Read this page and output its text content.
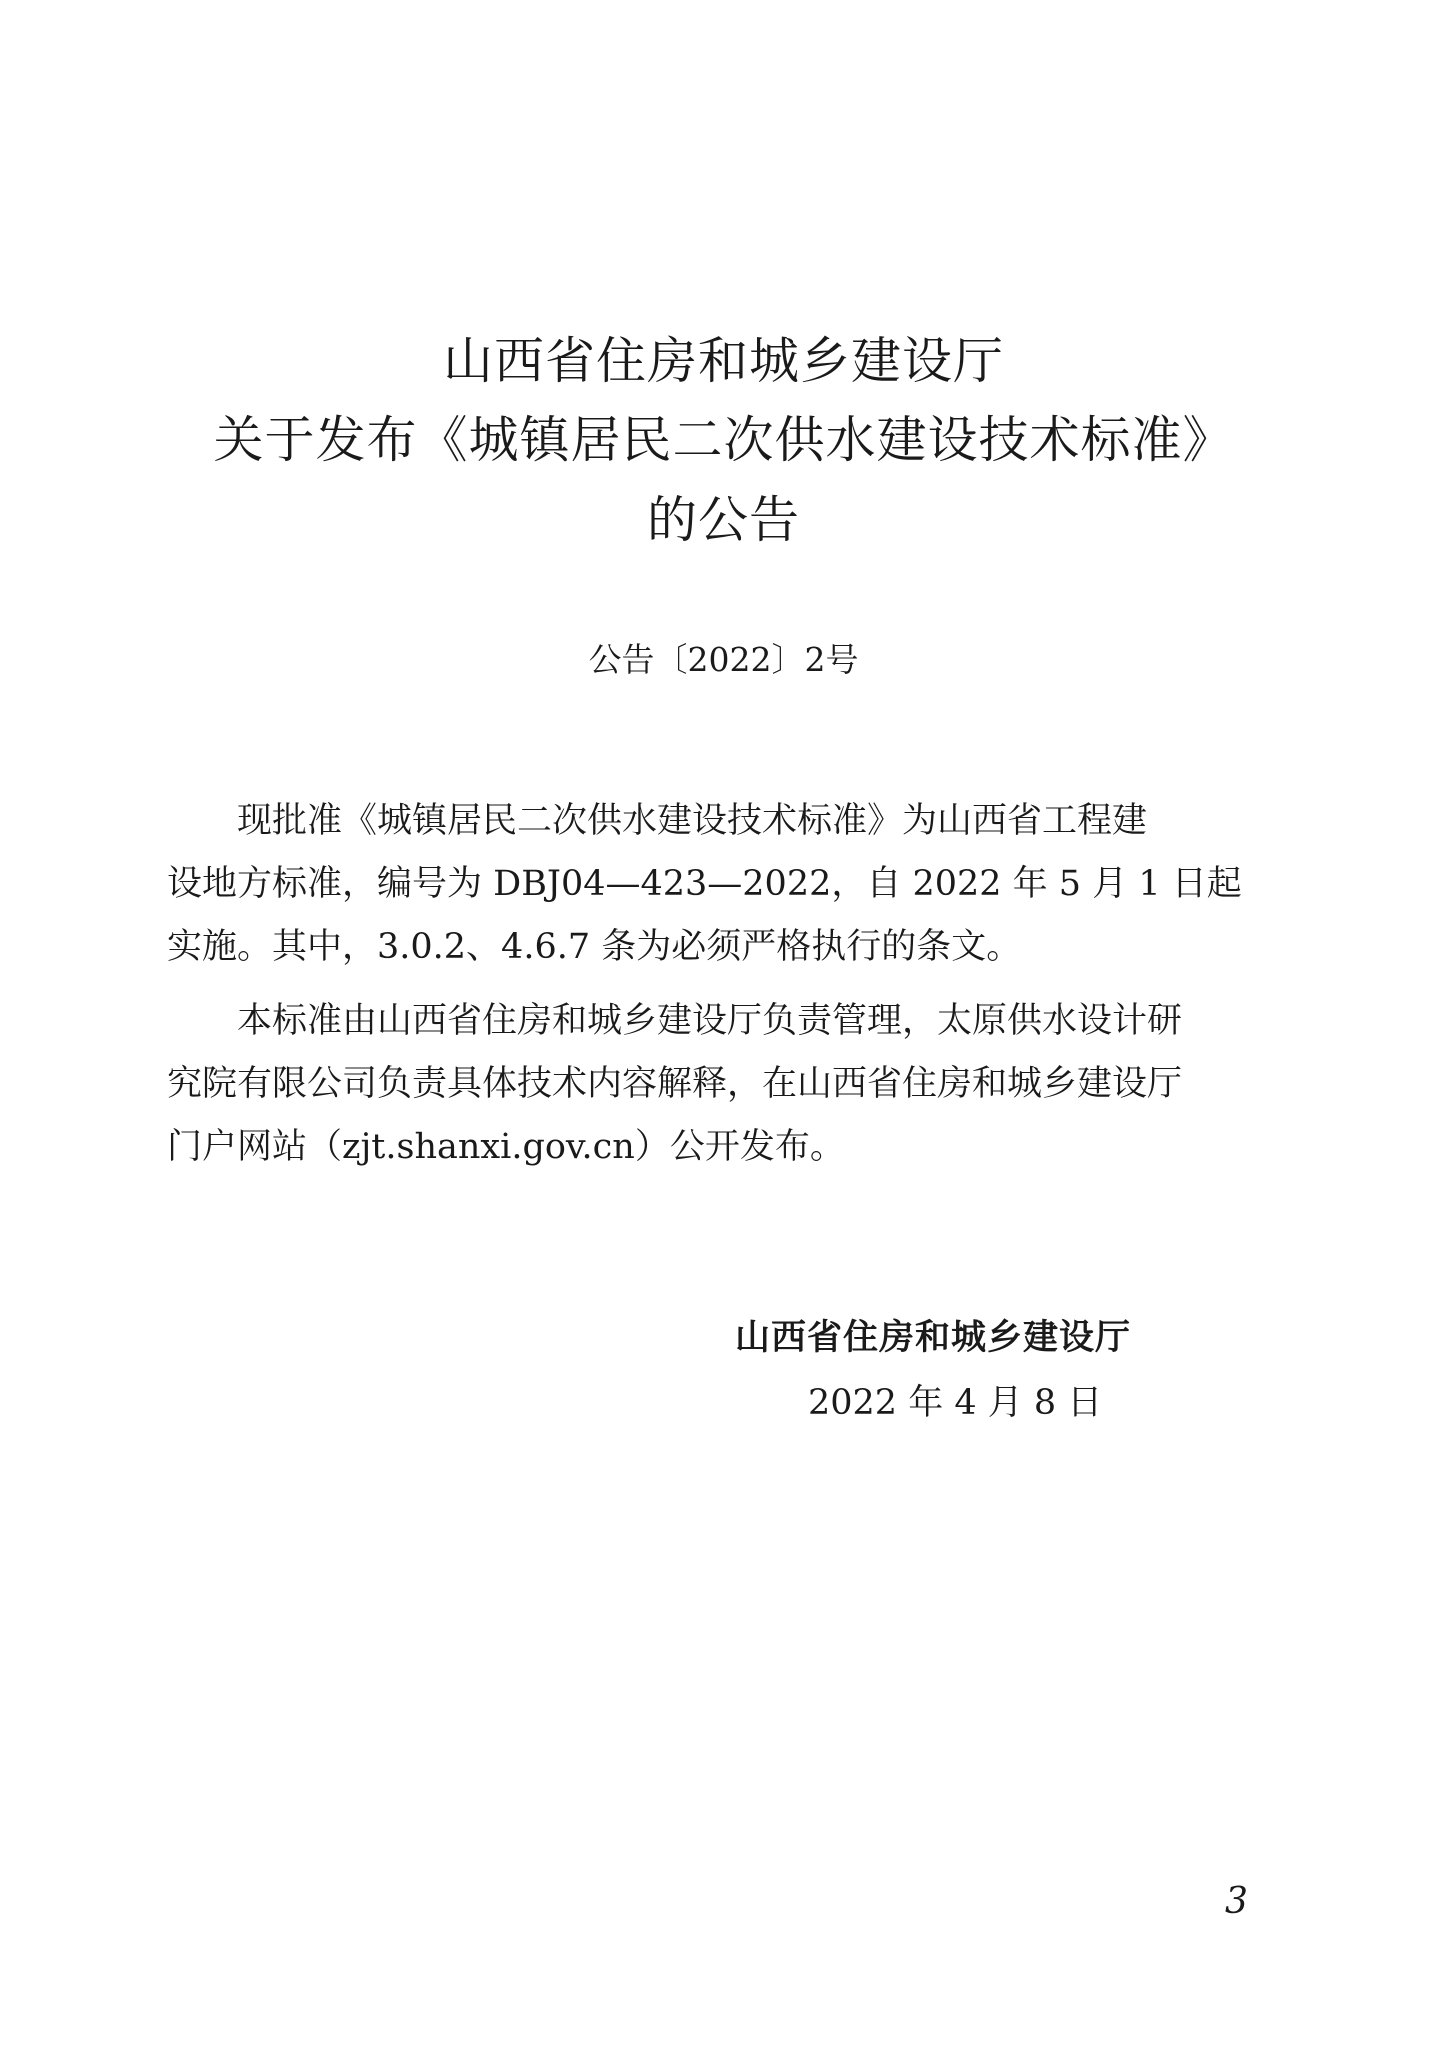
山西省住房和城乡建设厅
关于发布《城镇居民二次供水建设技术标准》
的公告
公告〔2022〕2号
现批准《城镇居民二次供水建设技术标准》为山西省工程建
设地方标准，编号为 DBJ04—423—2022，自 2022 年 5 月 1 日起
实施。其中，3.0.2、4.6.7 条为必须严格执行的条文。
本标准由山西省住房和城乡建设厅负责管理，太原供水设计研
究院有限公司负责具体技术内容解释，在山西省住房和城乡建设厅
门户网站（zjt.shanxi.gov.cn）公开发布。
山西省住房和城乡建设厅
2022 年 4 月 8 日
3
